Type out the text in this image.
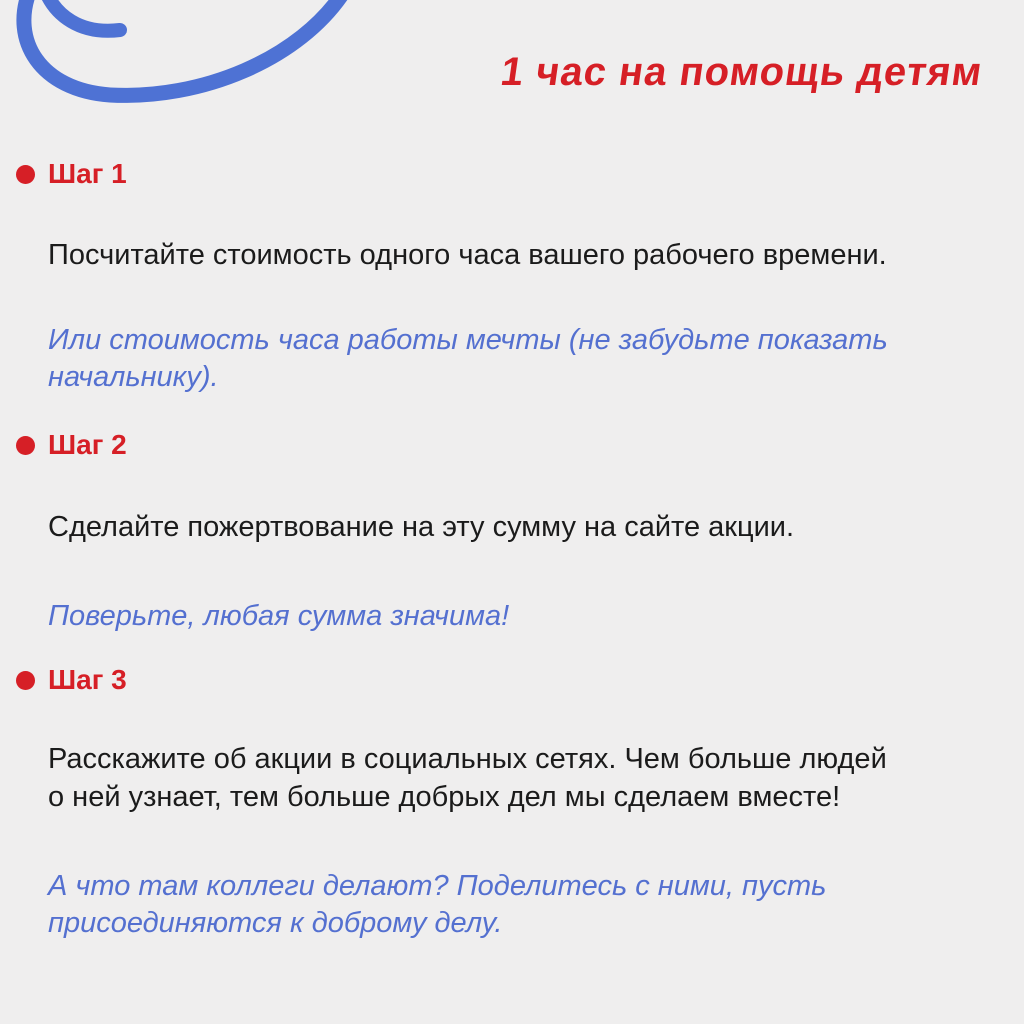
1 час на помощь детям
Шаг 1
Посчитайте стоимость одного часа вашего рабочего времени.
Или стоимость часа работы мечты (не забудьте показать начальнику).
Шаг 2
Сделайте пожертвование на эту сумму на сайте акции.
Поверьте, любая сумма значима!
Шаг 3
Расскажите об акции в социальных сетях. Чем больше людей о ней узнает, тем больше добрых дел мы сделаем вместе!
А что там коллеги делают? Поделитесь с ними, пусть присоединяются к доброму делу.
